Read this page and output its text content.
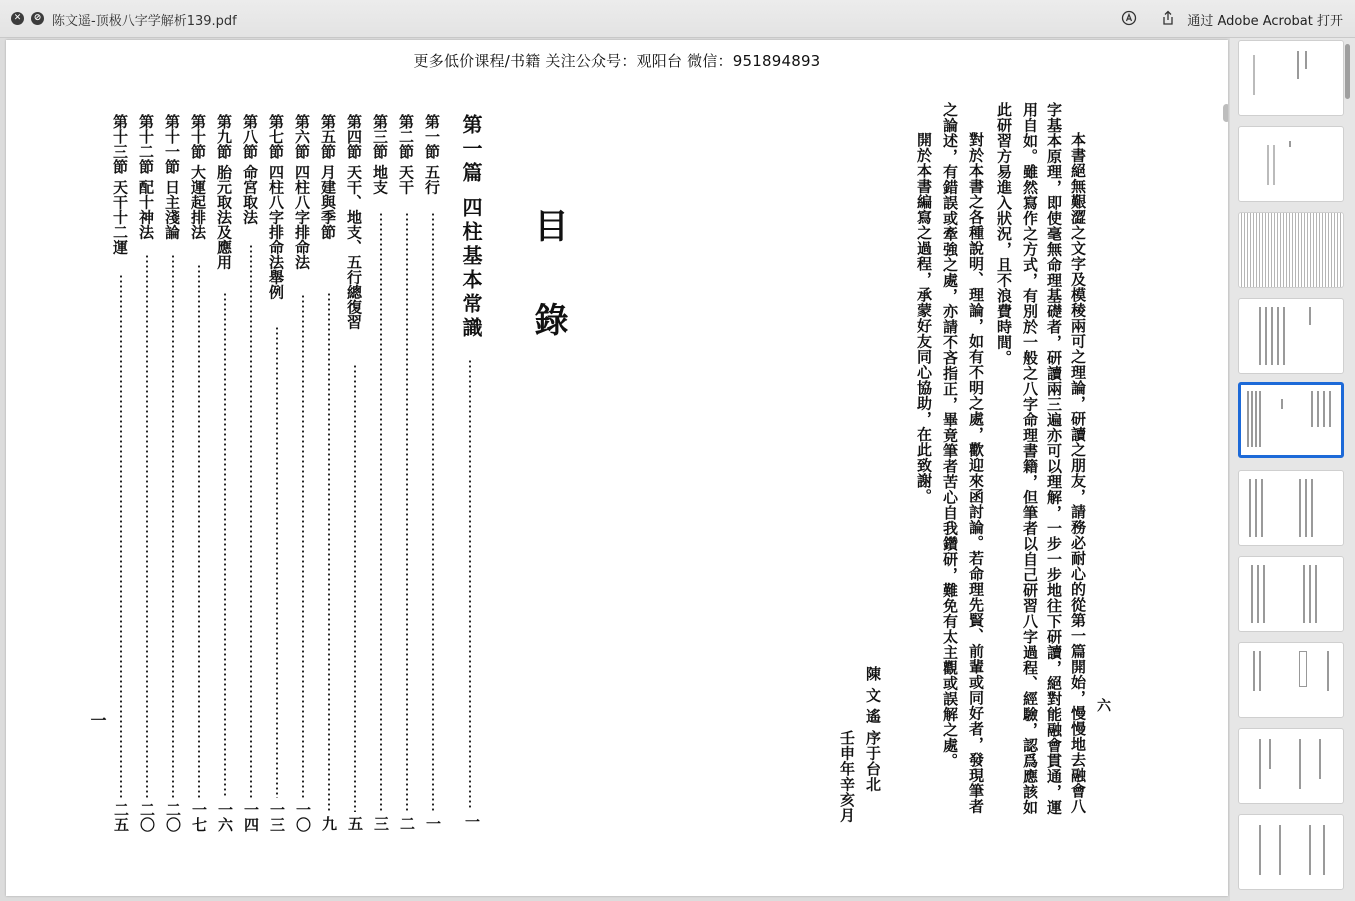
✕	⊘ 陈文遥-顶极八字学解析139.pdf	通过 Adobe Acrobat 打开
更多低价课程/书籍 关注公众号：观阳台 微信：951894893
六
本書絕無艱澀之文字及模稜兩可之理論，研讀之朋友，請務必耐心的從第一篇開始，慢慢地去融會八
字基本原理，即使毫無命理基礎者，研讀兩三遍亦可以理解，一步一步地往下研讀，絕對能融會貫通，運
用自如。雖然寫作之方式，有別於一般之八字命理書籍，但筆者以自己研習八字過程、經驗，認爲應該如
此研習方易進入狀況，且不浪費時間。
對於本書之各種說明、理論，如有不明之處，歡迎來函討論。若命理先賢、前輩或同好者，發現筆者
之論述，有錯誤或牽強之處，亦請不吝指正，畢竟筆者苦心自我鑽研，難免有太主觀或誤解之處。
開於本書編寫之過程，承蒙好友同心協助，在此致謝。
陳 文 遙 序于台北
壬申年辛亥月
目錄
第一篇 四柱基本常識
一
第一節 五行
一
第二節 天干
二
第三節 地支
三
第四節 天干、地支、五行總復習
五
第五節 月建與季節
九
第六節 四柱八字排命法
一〇
第七節 四柱八字排命法舉例
一三
第八節 命宮取法
一四
第九節 胎元取法及應用
一六
第十節 大運起排法
一七
第十一節 日主淺論
二〇
第十二節 配十神法
二〇
第十三節 天干十二運
二五
一
